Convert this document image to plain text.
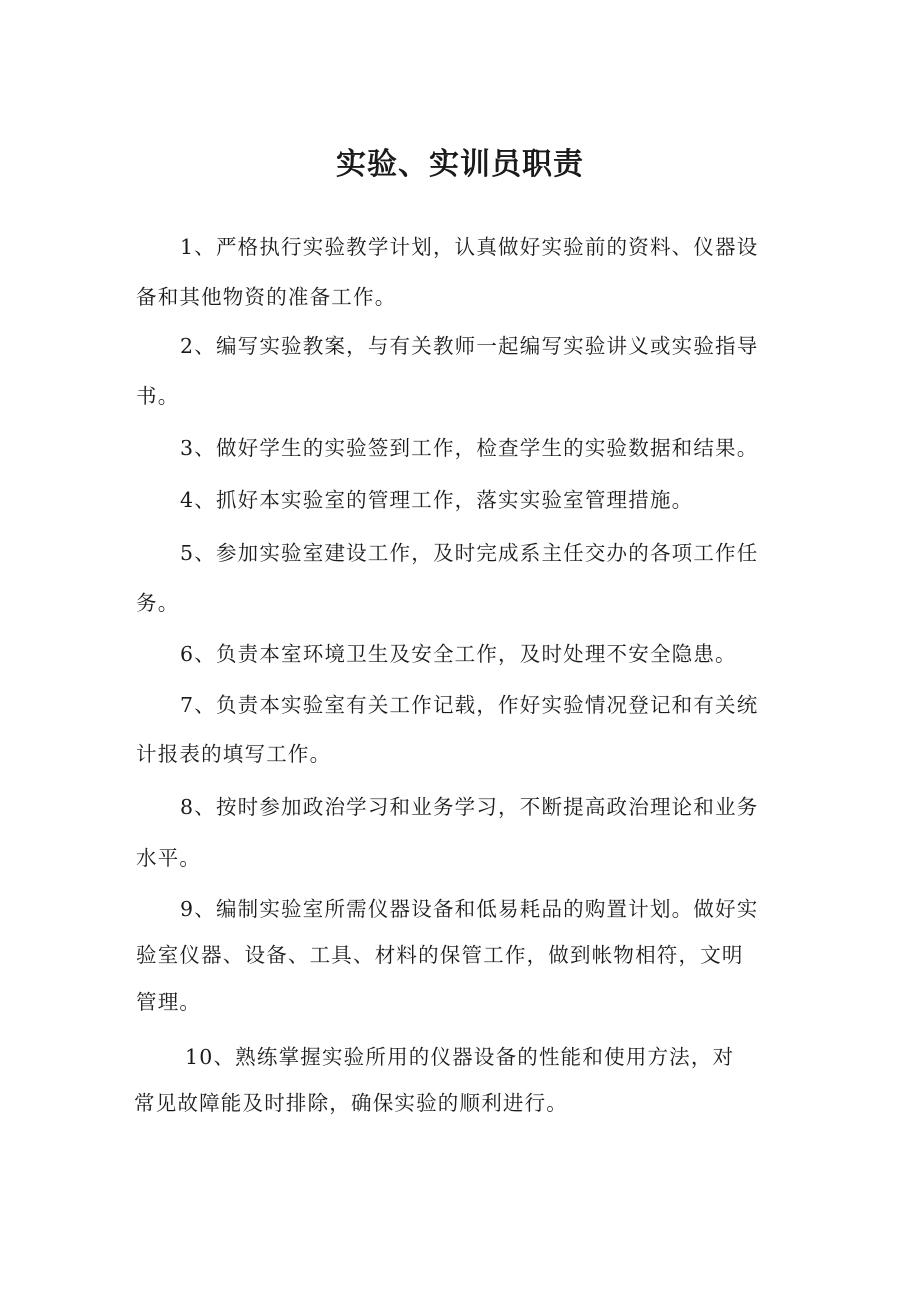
实验、实训员职责
1、严格执行实验教学计划，认真做好实验前的资料、仪器设
备和其他物资的准备工作。
2、编写实验教案，与有关教师一起编写实验讲义或实验指导
书。
3、做好学生的实验签到工作，检查学生的实验数据和结果。
4、抓好本实验室的管理工作，落实实验室管理措施。
5、参加实验室建设工作，及时完成系主任交办的各项工作任
务。
6、负责本室环境卫生及安全工作，及时处理不安全隐患。
7、负责本实验室有关工作记载，作好实验情况登记和有关统
计报表的填写工作。
8、按时参加政治学习和业务学习，不断提高政治理论和业务
水平。
9、编制实验室所需仪器设备和低易耗品的购置计划。做好实
验室仪器、设备、工具、材料的保管工作，做到帐物相符，文明
管理。
10、熟练掌握实验所用的仪器设备的性能和使用方法，对
常见故障能及时排除，确保实验的顺利进行。
